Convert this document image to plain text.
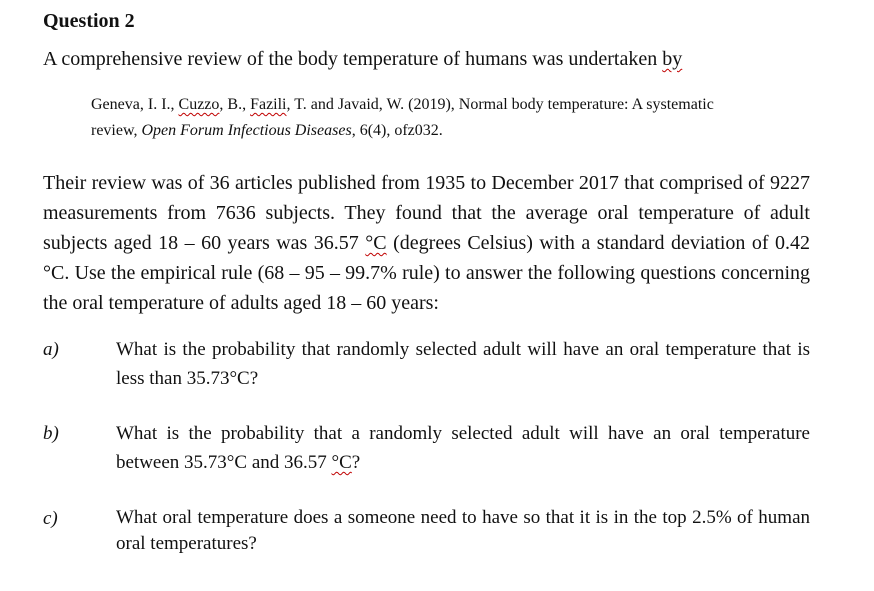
Question 2
A comprehensive review of the body temperature of humans was undertaken by
Geneva, I. I., Cuzzo, B., Fazili, T. and Javaid, W. (2019), Normal body temperature: A systematic review, Open Forum Infectious Diseases, 6(4), ofz032.
Their review was of 36 articles published from 1935 to December 2017 that comprised of 9227 measurements from 7636 subjects. They found that the average oral temperature of adult subjects aged 18 – 60 years was 36.57 °C (degrees Celsius) with a standard deviation of 0.42 °C. Use the empirical rule (68 – 95 – 99.7% rule) to answer the following questions concerning the oral temperature of adults aged 18 – 60 years:
a)	What is the probability that randomly selected adult will have an oral temperature that is less than 35.73°C?
b)	What is the probability that a randomly selected adult will have an oral temperature between 35.73°C and 36.57 °C?
c)	What oral temperature does a someone need to have so that it is in the top 2.5% of human oral temperatures?
